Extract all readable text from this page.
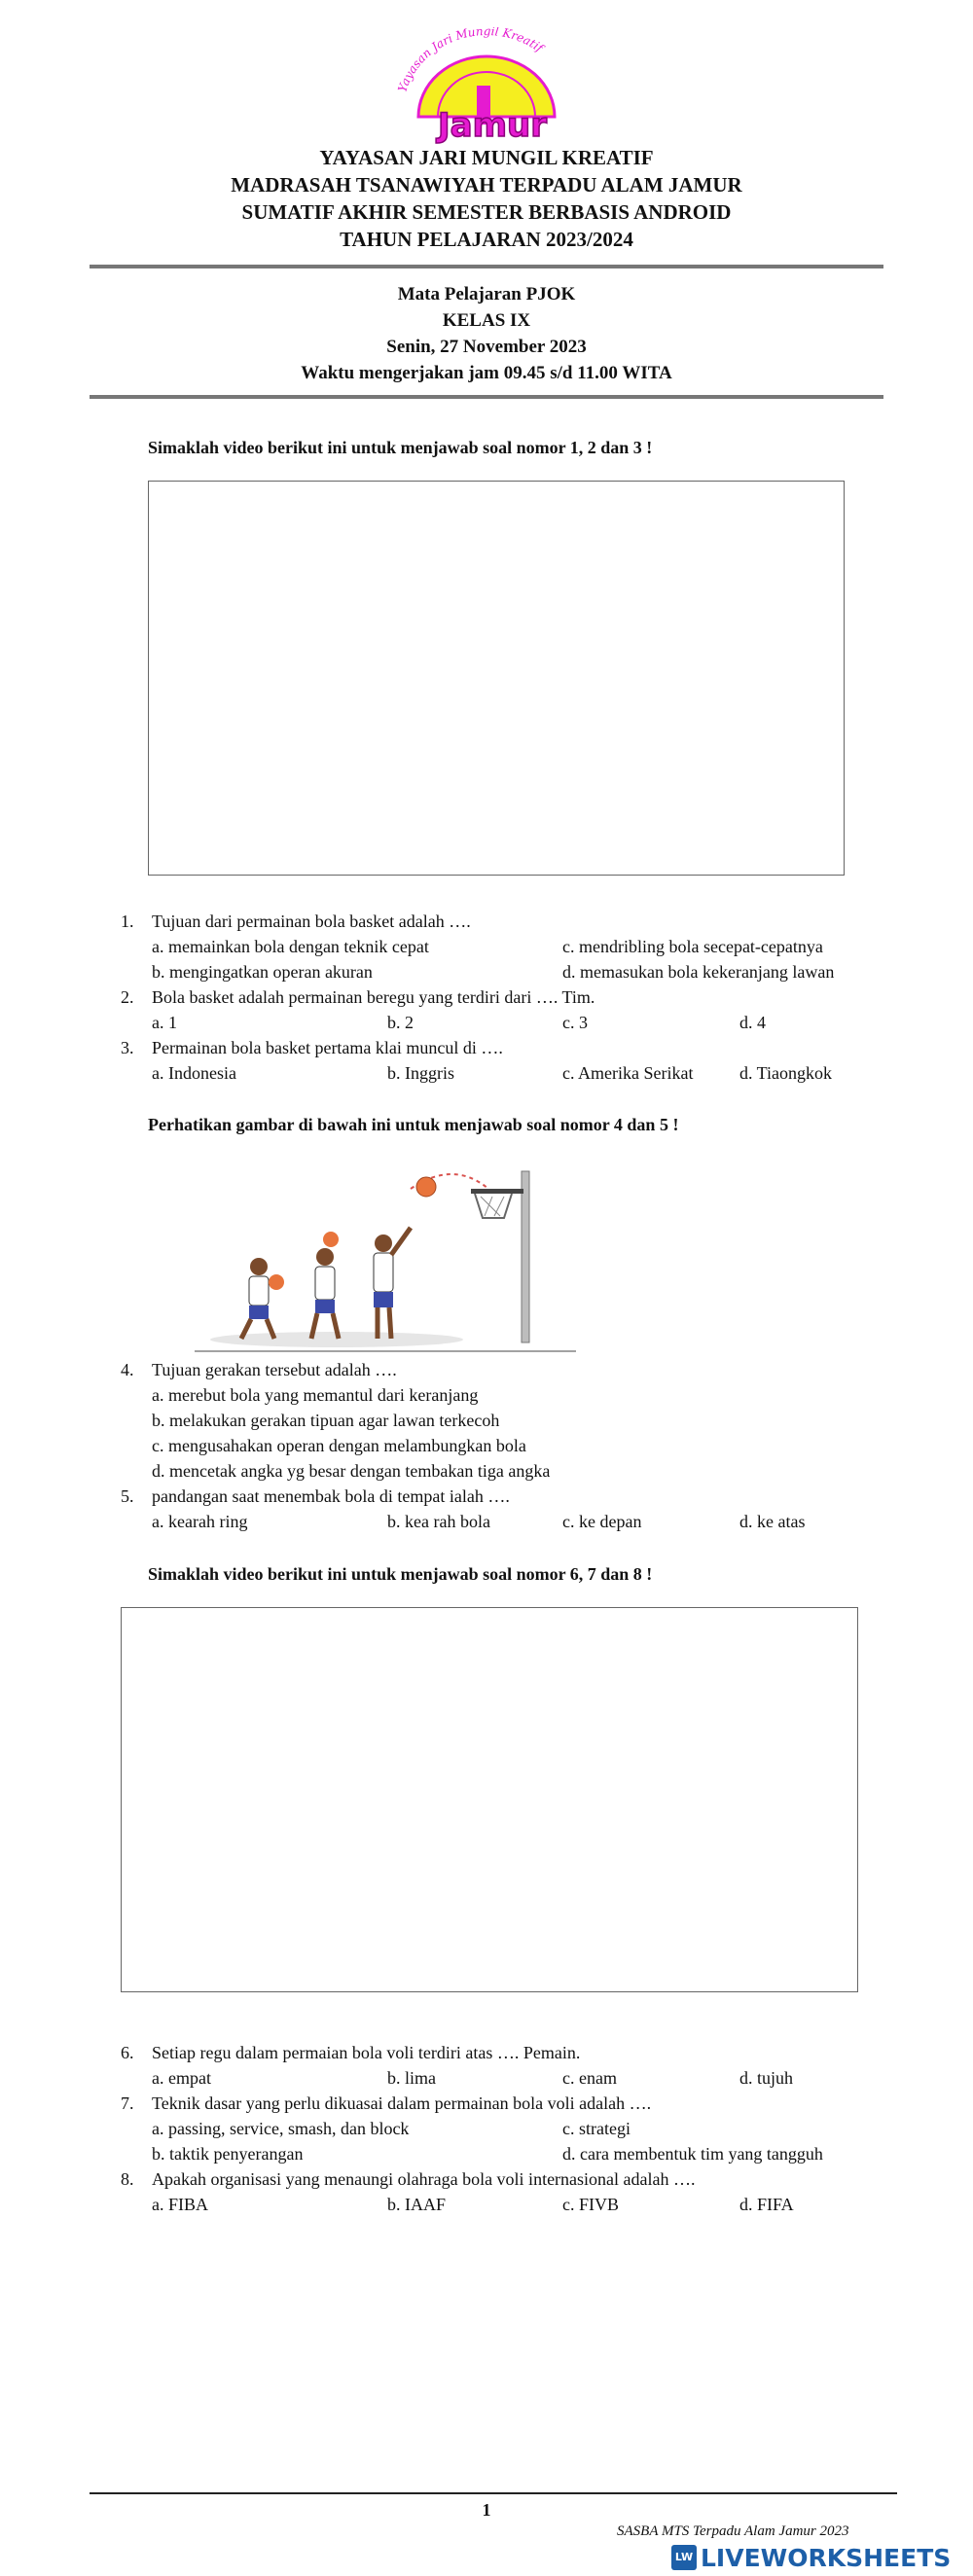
Yayasan Jari Mungil Kreatif
Jamur
YAYASAN JARI MUNGIL KREATIF
MADRASAH TSANAWIYAH TERPADU ALAM JAMUR
SUMATIF AKHIR SEMESTER BERBASIS ANDROID
TAHUN PELAJARAN 2023/2024
Mata Pelajaran PJOK
KELAS IX
Senin, 27 November 2023
Waktu mengerjakan jam 09.45 s/d 11.00 WITA
Simaklah video berikut ini untuk menjawab soal nomor 1, 2 dan 3 !
1. Tujuan dari permainan bola basket adalah ….
a. memainkan bola dengan teknik cepat	c. mendribling bola secepat-cepatnya
b. mengingatkan operan akuran	d. memasukan bola kekeranjang lawan
2. Bola basket adalah permainan beregu yang terdiri dari …. Tim.
a. 1	b. 2	c. 3	d. 4
3. Permainan bola basket pertama klai muncul di ….
a. Indonesia	b. Inggris	c. Amerika Serikat	d. Tiaongkok
Perhatikan gambar di bawah ini untuk menjawab soal nomor 4 dan 5 !
4. Tujuan gerakan tersebut adalah ….
a. merebut bola yang memantul dari keranjang
b. melakukan gerakan tipuan agar lawan terkecoh
c. mengusahakan operan dengan melambungkan bola
d. mencetak angka yg besar dengan tembakan tiga angka
5. pandangan saat menembak bola di tempat ialah ….
a. kearah ring	b. kea rah bola	c. ke depan	d. ke atas
Simaklah video berikut ini untuk menjawab soal nomor 6, 7 dan 8 !
6. Setiap regu dalam permaian bola voli terdiri atas …. Pemain.
a. empat	b. lima	c. enam	d. tujuh
7. Teknik dasar yang perlu dikuasai dalam permainan bola voli adalah ….
a. passing, service, smash, dan block	c. strategi
b. taktik penyerangan	d. cara membentuk tim yang tangguh
8. Apakah organisasi yang menaungi olahraga bola voli internasional adalah ….
a. FIBA	b. IAAF	c. FIVB	d. FIFA
1
SASBA MTS Terpadu Alam Jamur 2023
LW LIVEWORKSHEETS
